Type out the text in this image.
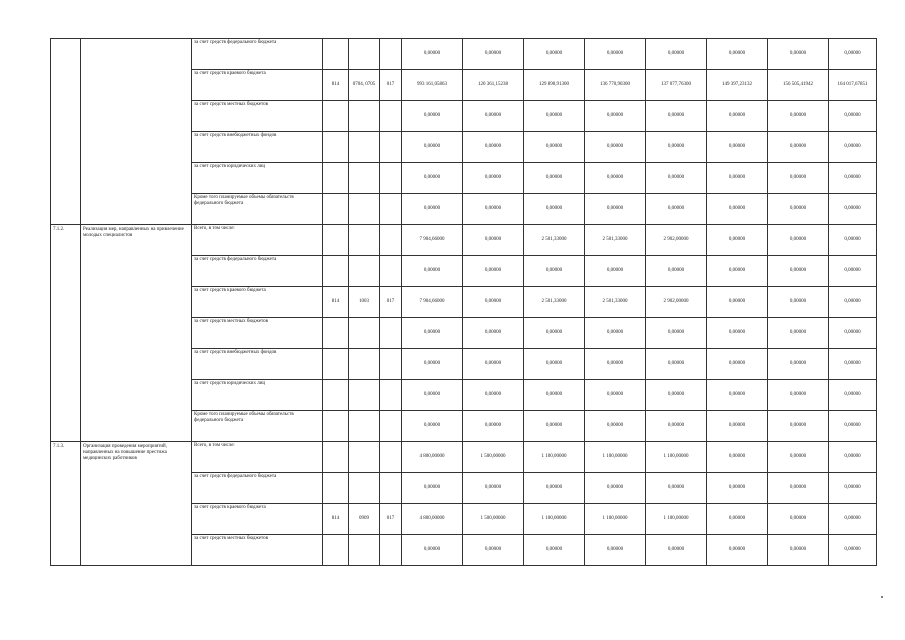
		за счет средств федерального бюджета				0,00000	0,00000	0,00000	0,00000	0,00000	0,00000	0,00000	0,00000
		за счет средств краевого бюджета	814	0704, 0705	017	993 161,05863	120 361,15238	129 890,91300	136 770,90300	137 077,76300	149 397,23132	156 505,41942	164 017,67851
		за счет средств местных бюджетов				0,00000	0,00000	0,00000	0,00000	0,00000	0,00000	0,00000	0,00000
		за счет средств внебюджетных фондов				0,00000	0,00000	0,00000	0,00000	0,00000	0,00000	0,00000	0,00000
		за счет средств юридических лиц				0,00000	0,00000	0,00000	0,00000	0,00000	0,00000	0,00000	0,00000
		Кроме того планируемые объемы обязательств федерального бюджета				0,00000	0,00000	0,00000	0,00000	0,00000	0,00000	0,00000	0,00000
7.1.2.	Реализация мер, направленных на привлечение молодых специалистов	Всего, в том числе:				7 904,66000	0,00000	2 501,33000	2 501,33000	2 902,00000	0,00000	0,00000	0,00000
		за счет средств федерального бюджета				0,00000	0,00000	0,00000	0,00000	0,00000	0,00000	0,00000	0,00000
		за счет средств краевого бюджета	814	1003	017	7 904,66000	0,00000	2 501,33000	2 501,33000	2 902,00000	0,00000	0,00000	0,00000
		за счет средств местных бюджетов				0,00000	0,00000	0,00000	0,00000	0,00000	0,00000	0,00000	0,00000
		за счет средств внебюджетных фондов				0,00000	0,00000	0,00000	0,00000	0,00000	0,00000	0,00000	0,00000
		за счет средств юридических лиц				0,00000	0,00000	0,00000	0,00000	0,00000	0,00000	0,00000	0,00000
		Кроме того планируемые объемы обязательств федерального бюджета				0,00000	0,00000	0,00000	0,00000	0,00000	0,00000	0,00000	0,00000
7.1.3.	Организация проведения мероприятий, направленных на повышение престижа медицинских работников	Всего, в том числе:				4 800,00000	1 500,00000	1 100,00000	1 100,00000	1 100,00000	0,00000	0,00000	0,00000
		за счет средств федерального бюджета				0,00000	0,00000	0,00000	0,00000	0,00000	0,00000	0,00000	0,00000
		за счет средств краевого бюджета	814	0909	017	4 800,00000	1 500,00000	1 100,00000	1 100,00000	1 100,00000	0,00000	0,00000	0,00000
		за счет средств местных бюджетов				0,00000	0,00000	0,00000	0,00000	0,00000	0,00000	0,00000	0,00000
